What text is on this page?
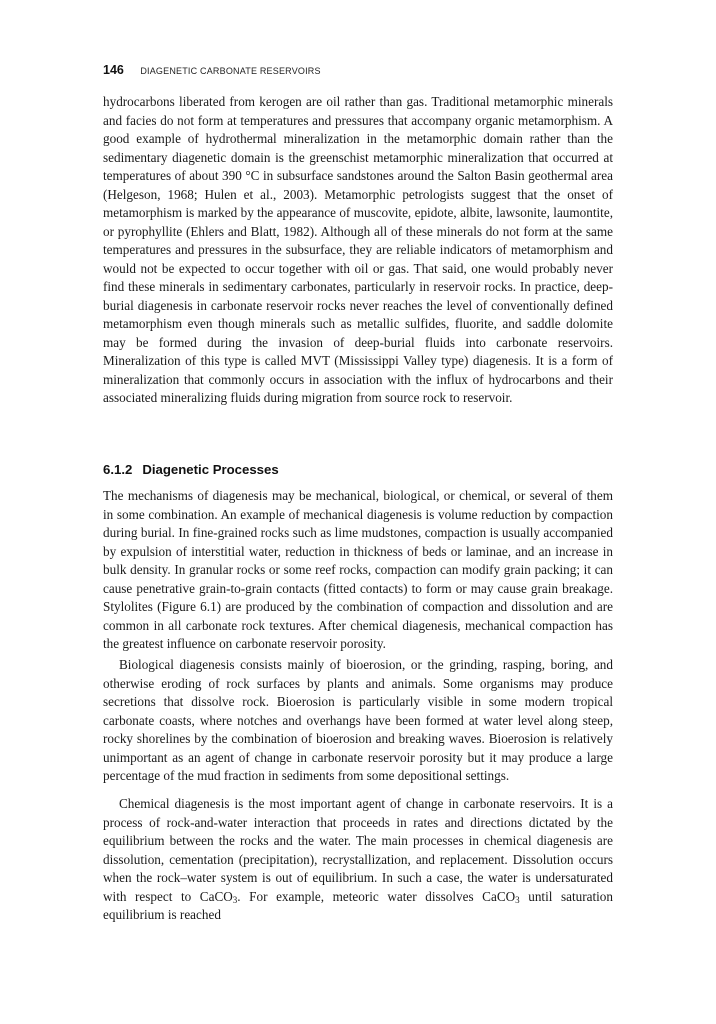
146 DIAGENETIC CARBONATE RESERVOIRS

hydrocarbons liberated from kerogen are oil rather than gas. Traditional metamorphic minerals and facies do not form at temperatures and pressures that accompany organic metamorphism. A good example of hydrothermal mineralization in the metamorphic domain rather than the sedimentary diagenetic domain is the greenschist metamorphic mineralization that occurred at temperatures of about 390 °C in subsurface sandstones around the Salton Basin geothermal area (Helgeson, 1968; Hulen et al., 2003). Metamorphic petrologists suggest that the onset of metamorphism is marked by the appearance of muscovite, epidote, albite, lawsonite, laumontite, or pyrophyllite (Ehlers and Blatt, 1982). Although all of these minerals do not form at the same temperatures and pressures in the subsurface, they are reliable indicators of metamorphism and would not be expected to occur together with oil or gas. That said, one would probably never find these minerals in sedimentary carbonates, particularly in reservoir rocks. In practice, deep-burial diagenesis in carbonate reservoir rocks never reaches the level of conventionally defined metamorphism even though minerals such as metallic sulfides, fluorite, and saddle dolomite may be formed during the invasion of deep-burial fluids into carbonate reservoirs. Mineralization of this type is called MVT (Mississippi Valley type) diagenesis. It is a form of mineralization that commonly occurs in association with the influx of hydrocarbons and their associated mineralizing fluids during migration from source rock to reservoir.

6.1.2 Diagenetic Processes

The mechanisms of diagenesis may be mechanical, biological, or chemical, or several of them in some combination. An example of mechanical diagenesis is volume reduction by compaction during burial. In fine-grained rocks such as lime mudstones, compaction is usually accompanied by expulsion of interstitial water, reduction in thickness of beds or laminae, and an increase in bulk density. In granular rocks or some reef rocks, compaction can modify grain packing; it can cause penetrative grain-to-grain contacts (fitted contacts) to form or may cause grain breakage. Stylolites (Figure 6.1) are produced by the combination of compaction and dissolution and are common in all carbonate rock textures. After chemical diagenesis, mechanical compaction has the greatest influence on carbonate reservoir porosity.

Biological diagenesis consists mainly of bioerosion, or the grinding, rasping, boring, and otherwise eroding of rock surfaces by plants and animals. Some organisms may produce secretions that dissolve rock. Bioerosion is particularly visible in some modern tropical carbonate coasts, where notches and overhangs have been formed at water level along steep, rocky shorelines by the combination of bioerosion and breaking waves. Bioerosion is relatively unimportant as an agent of change in carbonate reservoir porosity but it may produce a large percentage of the mud fraction in sediments from some depositional settings.

Chemical diagenesis is the most important agent of change in carbonate reservoirs. It is a process of rock-and-water interaction that proceeds in rates and directions dictated by the equilibrium between the rocks and the water. The main processes in chemical diagenesis are dissolution, cementation (precipitation), recrystallization, and replacement. Dissolution occurs when the rock–water system is out of equilibrium. In such a case, the water is undersaturated with respect to CaCO$_3$. For example, meteoric water dissolves CaCO$_3$ until saturation equilibrium is reached
